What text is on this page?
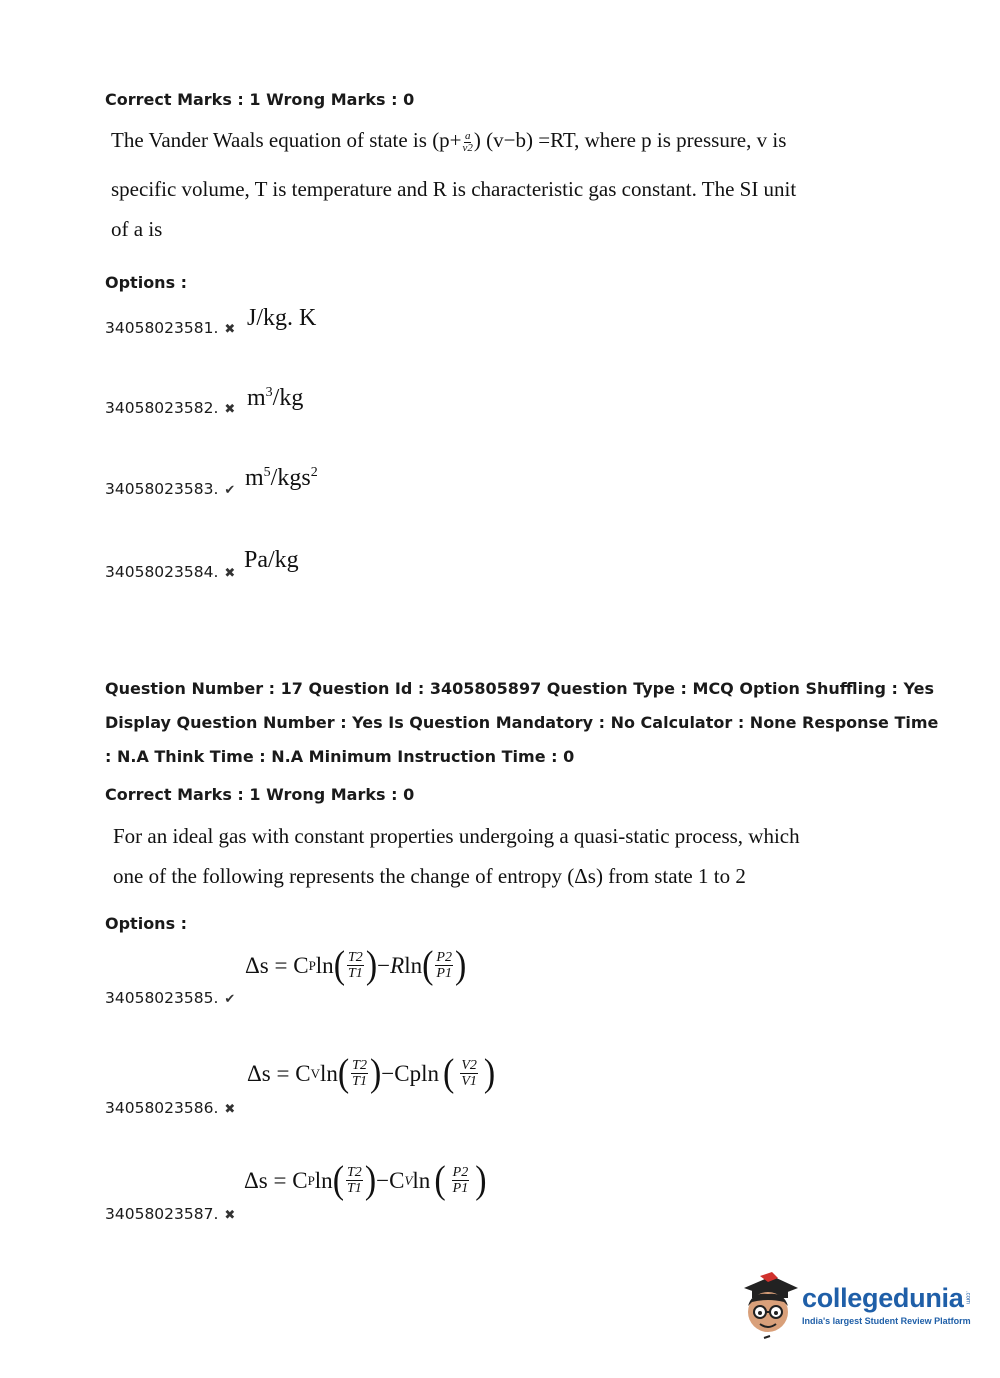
Correct Marks : 1 Wrong Marks : 0
The Vander Waals equation of state is ($p+ \frac{a}{v2}$ ) (v−b) =RT, where p is pressure, v is
specific volume, T is temperature and R is characteristic gas constant. The SI unit
of a is
Options :
34058023581. ✖ J/kg. K
34058023582. ✖ $m^3/kg$
34058023583. ✔ $m^5/kgs^2$
34058023584. ✖
Pa/kg
Question Number : 17 Question Id : 3405805897 Question Type : MCQ Option Shuffling : Yes
Display Question Number : Yes Is Question Mandatory : No Calculator : None Response Time
: N.A Think Time : N.A Minimum Instruction Time : 0
Correct Marks : 1 Wrong Marks : 0
For an ideal gas with constant properties undergoing a quasi-static process, which
one of the following represents the change of entropy (Δs) from state 1 to 2
Options :
Δs = C P ln ( $\frac{T2}{T1}$ ) − R ln ( $\frac{P2}{P1}$ )
34058023585. ✔
Δs = C V ln ( $\frac{T2}{T1}$ ) − Cp ln ( $\frac{V2}{V1}$ )
34058023586. ✖
Δs = C P ln ( $\frac{T2}{T1}$ ) − C V ln ( $\frac{P2}{P1}$ )
34058023587. ✖
collegedunia .com
India's largest Student Review Platform
